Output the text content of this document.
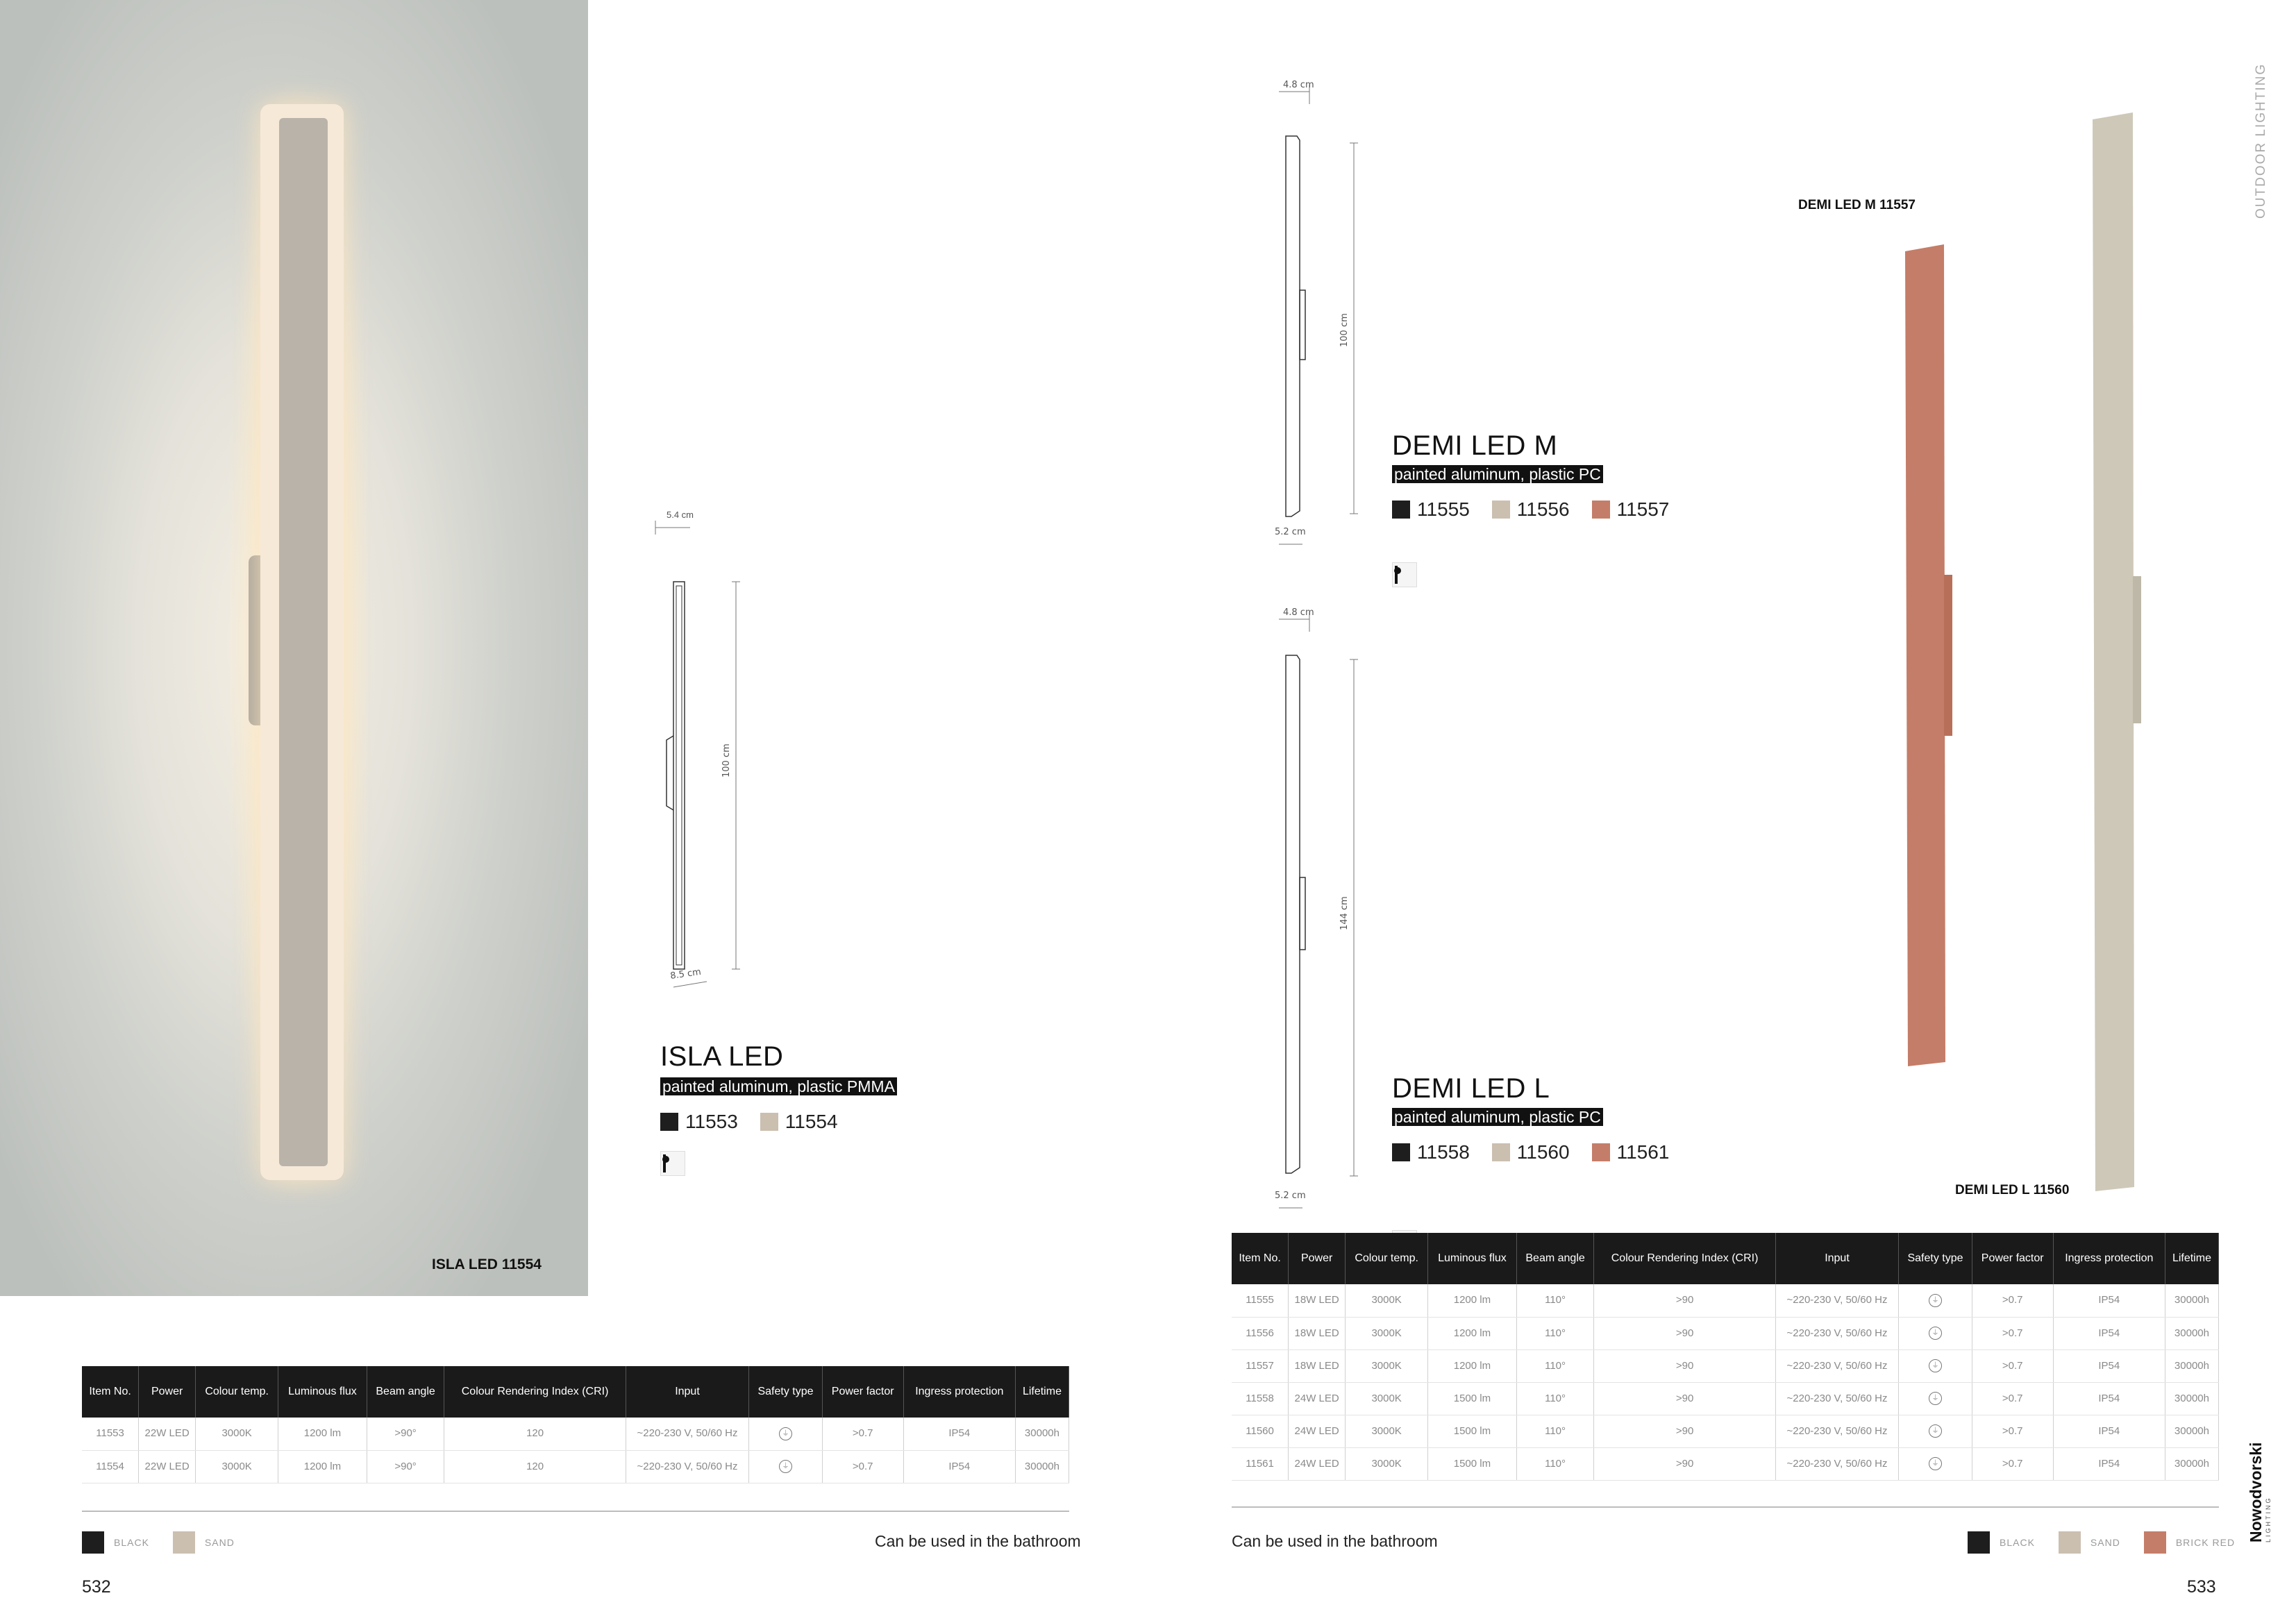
ISLA LED 11554
5.4 cm
100 cm
8.5 cm
ISLA LED
painted aluminum, plastic PMMA
11553 11554
Item No.	Power	Colour temp.	Luminous flux	Beam angle	Colour Rendering Index (CRI)	Input	Safety type	Power factor	Ingress protection	Lifetime
11553	22W LED	3000K	1200 lm	>90°	120	~220-230 V, 50/60 Hz	⏚	>0.7	IP54	30000h
11554	22W LED	3000K	1200 lm	>90°	120	~220-230 V, 50/60 Hz	⏚	>0.7	IP54	30000h
BLACK	SAND	Can be used in the bathroom
532
4.8 cm
100 cm
5.2 cm
DEMI LED M
painted aluminum, plastic PC
11555 11556 11557
4.8 cm
144 cm
5.2 cm
DEMI LED L
painted aluminum, plastic PC
11558 11560 11561
DEMI LED M 11557
DEMI LED L 11560
OUTDOOR LIGHTING
Item No.	Power	Colour temp.	Luminous flux	Beam angle	Colour Rendering Index (CRI)	Input	Safety type	Power factor	Ingress protection	Lifetime
11555	18W LED	3000K	1200 lm	110°	>90	~220-230 V, 50/60 Hz	⏚	>0.7	IP54	30000h
11556	18W LED	3000K	1200 lm	110°	>90	~220-230 V, 50/60 Hz	⏚	>0.7	IP54	30000h
11557	18W LED	3000K	1200 lm	110°	>90	~220-230 V, 50/60 Hz	⏚	>0.7	IP54	30000h
11558	24W LED	3000K	1500 lm	110°	>90	~220-230 V, 50/60 Hz	⏚	>0.7	IP54	30000h
11560	24W LED	3000K	1500 lm	110°	>90	~220-230 V, 50/60 Hz	⏚	>0.7	IP54	30000h
11561	24W LED	3000K	1500 lm	110°	>90	~220-230 V, 50/60 Hz	⏚	>0.7	IP54	30000h
Can be used in the bathroom	BLACK	SAND	BRICK RED Nowodvorski LIGHTING
533
